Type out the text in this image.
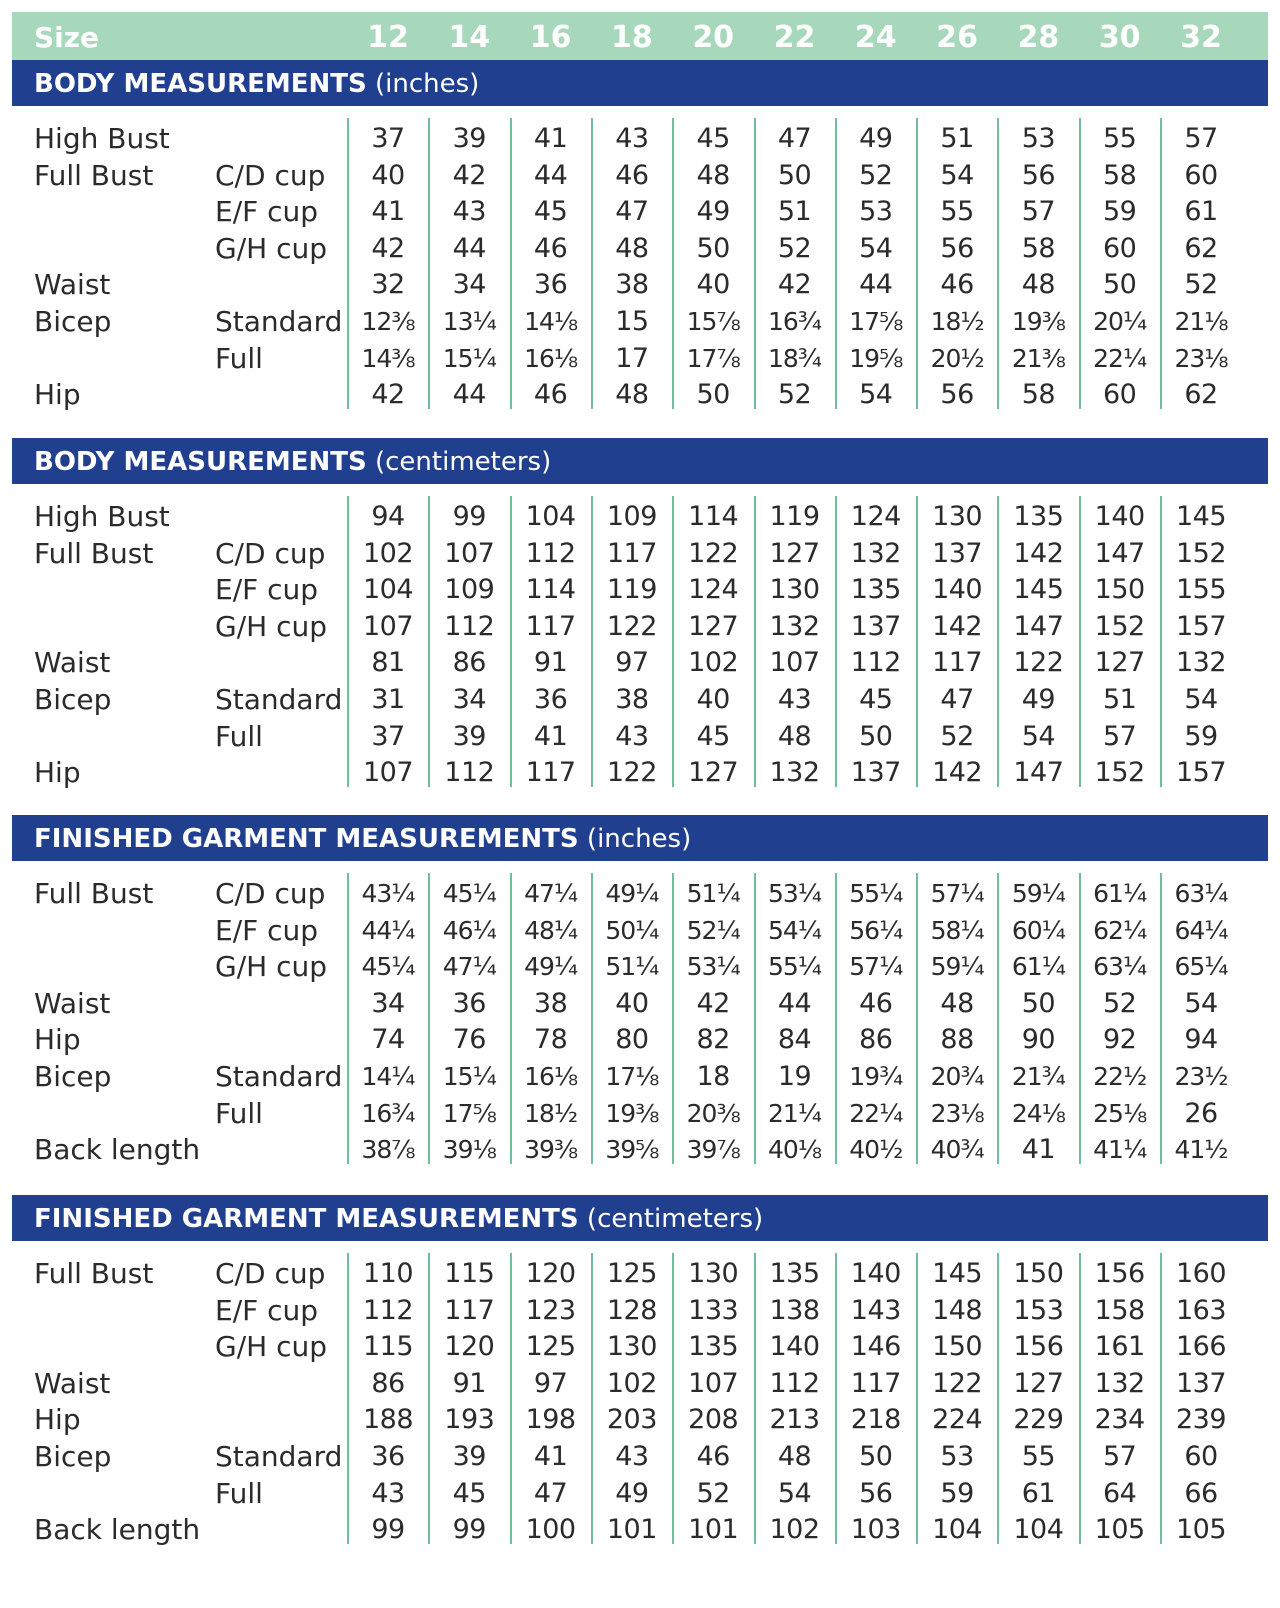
Size	12	14	16	18	20	22	24	26	28	30	32
BODY MEASUREMENTS (inches)
High Bust	37	39	41	43	45	47	49	51	53	55	57
Full Bust C/D cup	40	42	44	46	48	50	52	54	56	58	60
E/F cup	41	43	45	47	49	51	53	55	57	59	61
G/H cup	42	44	46	48	50	52	54	56	58	60	62
Waist	32	34	36	38	40	42	44	46	48	50	52
Bicep	Standard 12⅜	13¼	14⅛	15	15⅞	16¾	17⅝	18½	19⅜	20¼	21⅛
Full	14⅜	15¼	16⅛	17	17⅞	18¾	19⅝	20½	21⅜	22¼	23⅛
Hip	42	44	46	48	50	52	54	56	58	60	62
BODY MEASUREMENTS (centimeters)
High Bust	94	99	104	109	114	119	124	130	135	140	145
Full Bust C/D cup	102	107	112	117	122	127	132	137	142	147	152
E/F cup	104	109	114	119	124	130	135	140	145	150	155
G/H cup	107	112	117	122	127	132	137	142	147	152	157
Waist	81	86	91	97	102	107	112	117	122	127	132
Bicep	Standard	31	34	36	38	40	43	45	47	49	51	54
Full	37	39	41	43	45	48	50	52	54	57	59
Hip	107	112	117	122	127	132	137	142	147	152	157
FINISHED GARMENT MEASUREMENTS (inches)
Full Bust C/D cup	43¼	45¼	47¼	49¼	51¼	53¼	55¼	57¼	59¼	61¼	63¼
E/F cup	44¼	46¼	48¼	50¼	52¼	54¼	56¼	58¼	60¼	62¼	64¼
G/H cup	45¼	47¼	49¼	51¼	53¼	55¼	57¼	59¼	61¼	63¼	65¼
Waist	34	36	38	40	42	44	46	48	50	52	54
Hip	74	76	78	80	82	84	86	88	90	92	94
Bicep	Standard 14¼	15¼	16⅛	17⅛	18	19	19¾	20¾	21¾	22½	23½
Full	16¾	17⅝	18½	19⅜	20⅜	21¼	22¼	23⅛	24⅛	25⅛	26
Back length	38⅞	39⅛	39⅜	39⅝	39⅞	40⅛	40½	40¾	41	41¼	41½
FINISHED GARMENT MEASUREMENTS (centimeters)
Full Bust C/D cup	110	115	120	125	130	135	140	145	150	156	160
E/F cup	112	117	123	128	133	138	143	148	153	158	163
G/H cup	115	120	125	130	135	140	146	150	156	161	166
Waist	86	91	97	102	107	112	117	122	127	132	137
Hip	188	193	198	203	208	213	218	224	229	234	239
Bicep	Standard	36	39	41	43	46	48	50	53	55	57	60
Full	43	45	47	49	52	54	56	59	61	64	66
Back length	99	99	100	101	101	102	103	104	104	105	105
